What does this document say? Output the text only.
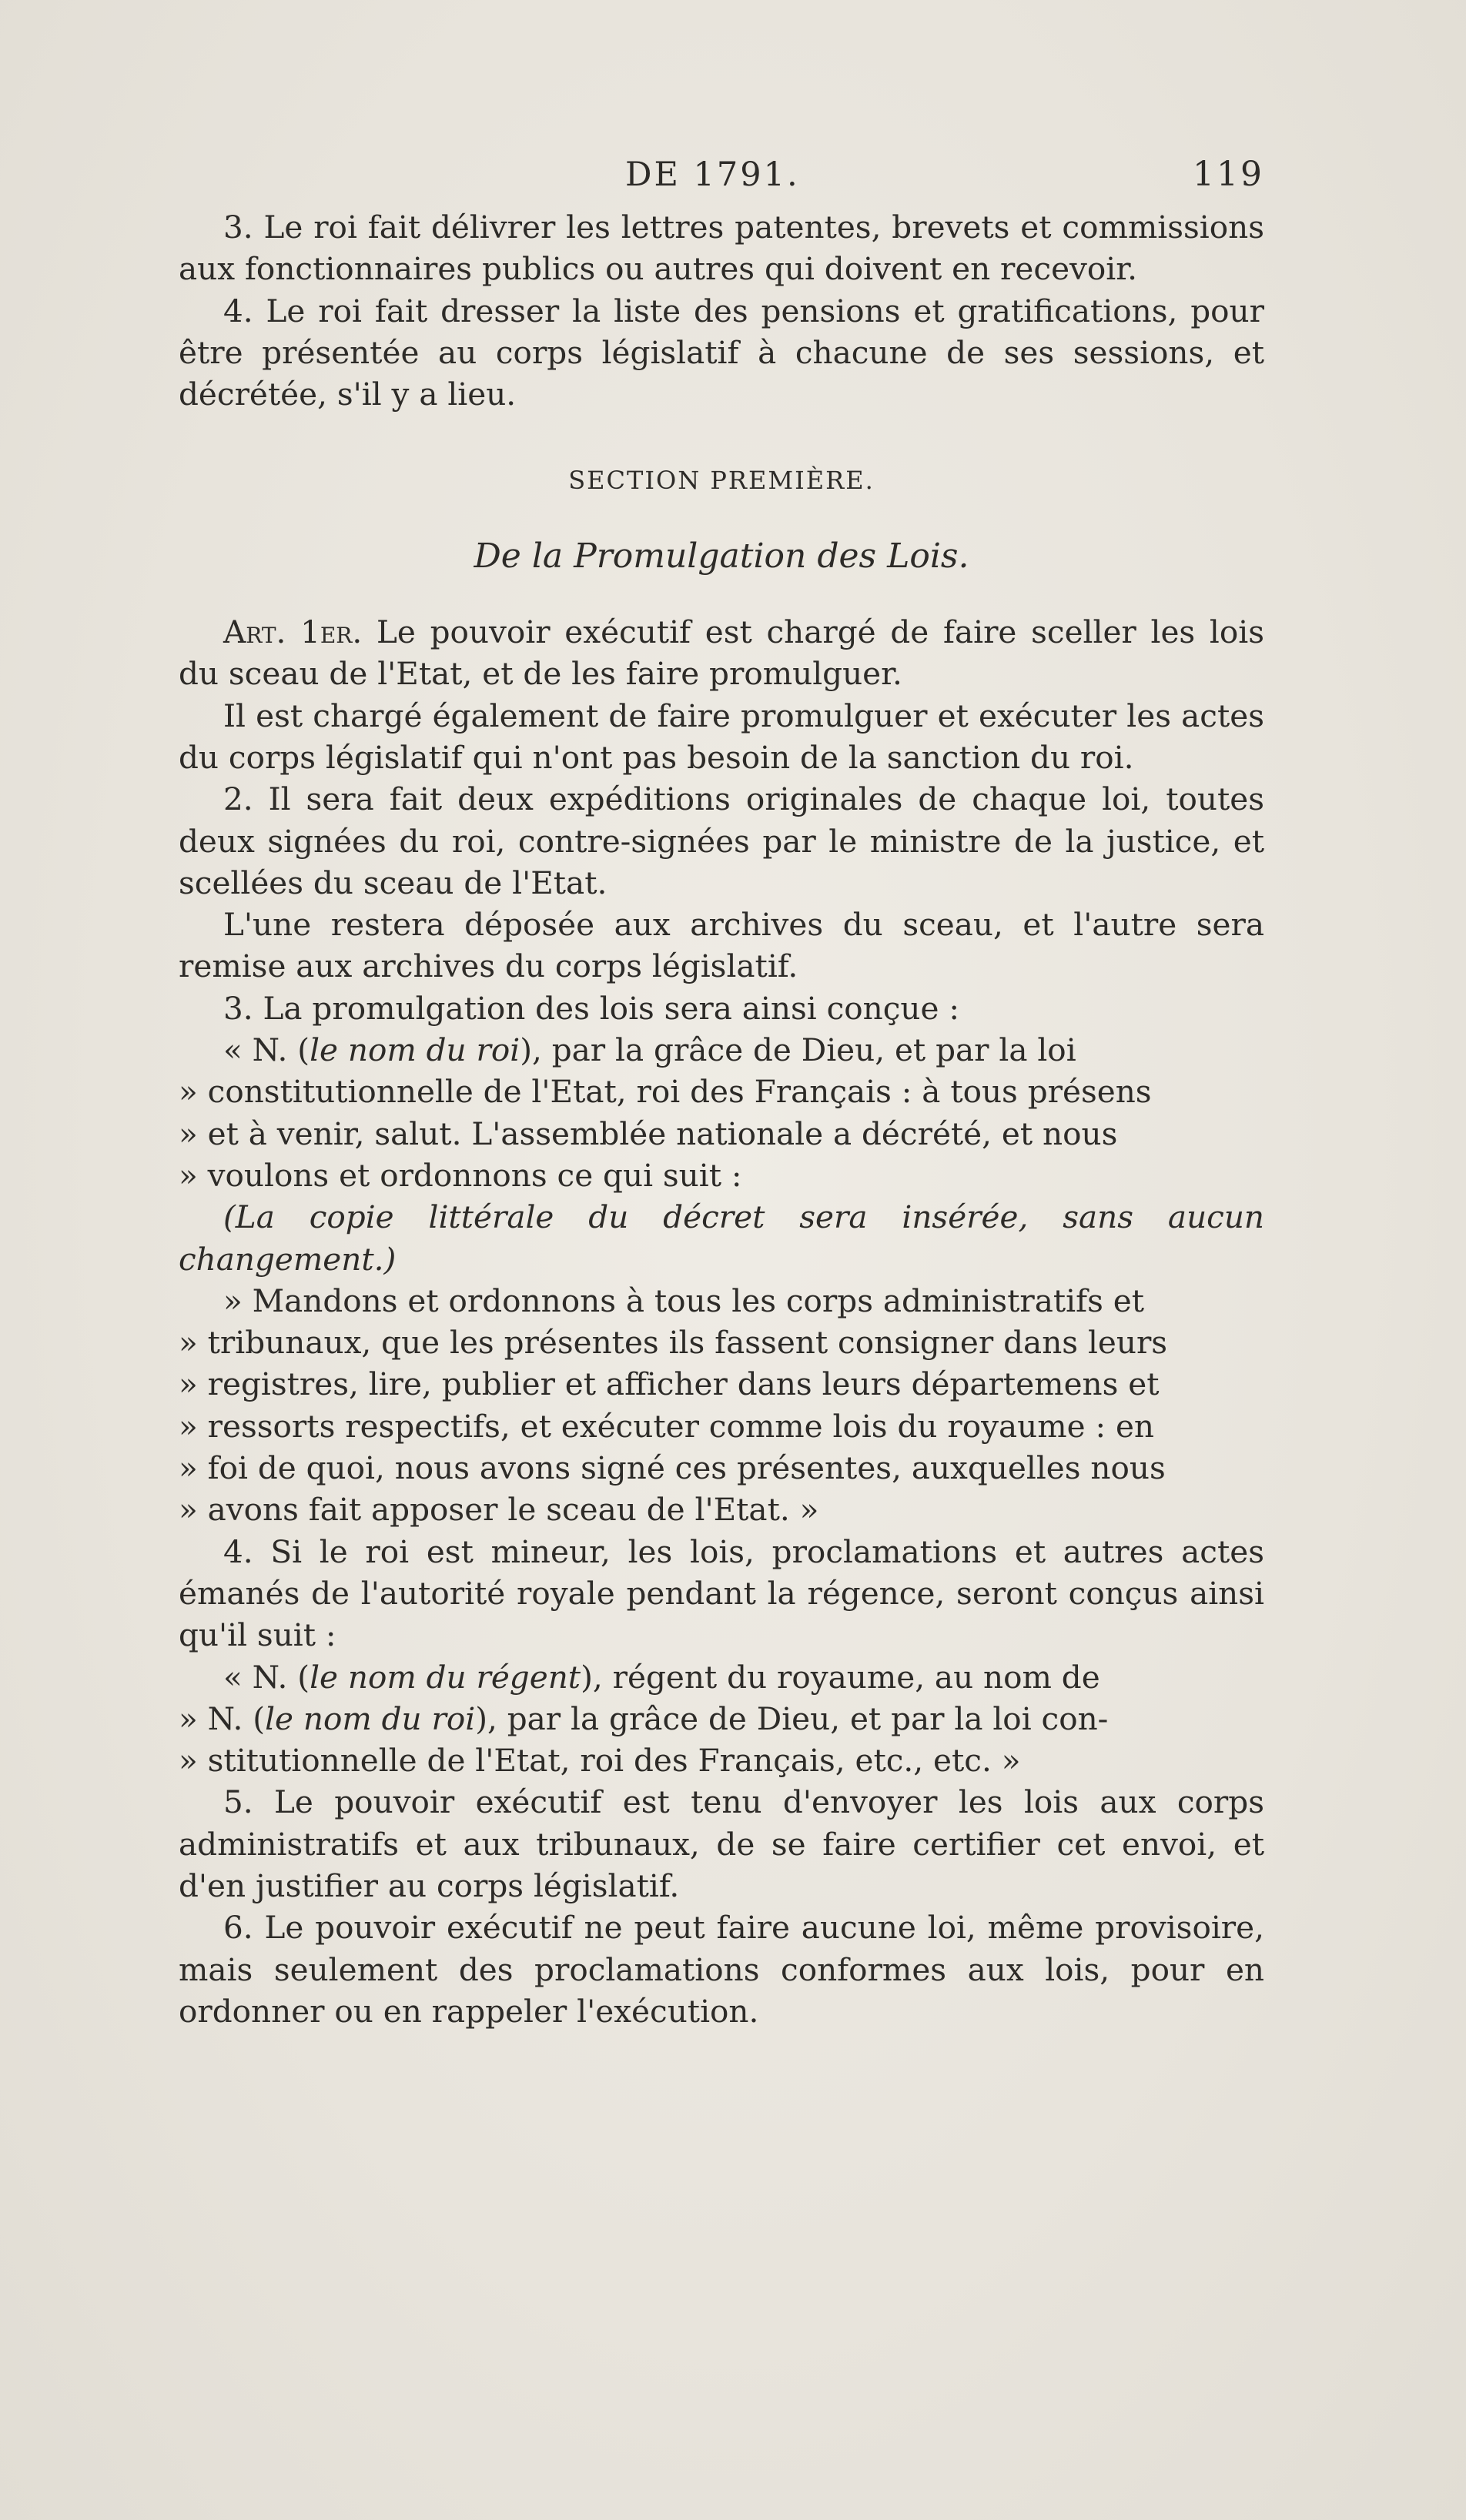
DE 1791.	119

3. Le roi fait délivrer les lettres patentes, brevets et commissions aux fonctionnaires publics ou autres qui doivent en recevoir.

4. Le roi fait dresser la liste des pensions et gratifications, pour être présentée au corps législatif à chacune de ses sessions, et décrétée, s'il y a lieu.

SECTION PREMIÈRE.
De la Promulgation des Lois.

Art. 1er. Le pouvoir exécutif est chargé de faire sceller les lois du sceau de l'Etat, et de les faire promulguer.

Il est chargé également de faire promulguer et exécuter les actes du corps législatif qui n'ont pas besoin de la sanction du roi.

2. Il sera fait deux expéditions originales de chaque loi, toutes deux signées du roi, contre-signées par le ministre de la justice, et scellées du sceau de l'Etat.

L'une restera déposée aux archives du sceau, et l'autre sera remise aux archives du corps législatif.

3. La promulgation des lois sera ainsi conçue :

« N. (le nom du roi), par la grâce de Dieu, et par la loi

» constitutionnelle de l'Etat, roi des Français : à tous présens

» et à venir, salut. L'assemblée nationale a décrété, et nous

» voulons et ordonnons ce qui suit :

(La copie littérale du décret sera insérée, sans aucun changement.)

» Mandons et ordonnons à tous les corps administratifs et

» tribunaux, que les présentes ils fassent consigner dans leurs

» registres, lire, publier et afficher dans leurs départemens et

» ressorts respectifs, et exécuter comme lois du royaume : en

» foi de quoi, nous avons signé ces présentes, auxquelles nous

» avons fait apposer le sceau de l'Etat. »

4. Si le roi est mineur, les lois, proclamations et autres actes émanés de l'autorité royale pendant la régence, seront conçus ainsi qu'il suit :

« N. (le nom du régent), régent du royaume, au nom de

» N. (le nom du roi), par la grâce de Dieu, et par la loi con-

» stitutionnelle de l'Etat, roi des Français, etc., etc. »

5. Le pouvoir exécutif est tenu d'envoyer les lois aux corps administratifs et aux tribunaux, de se faire certifier cet envoi, et d'en justifier au corps législatif.

6. Le pouvoir exécutif ne peut faire aucune loi, même provisoire, mais seulement des proclamations conformes aux lois, pour en ordonner ou en rappeler l'exécution.
